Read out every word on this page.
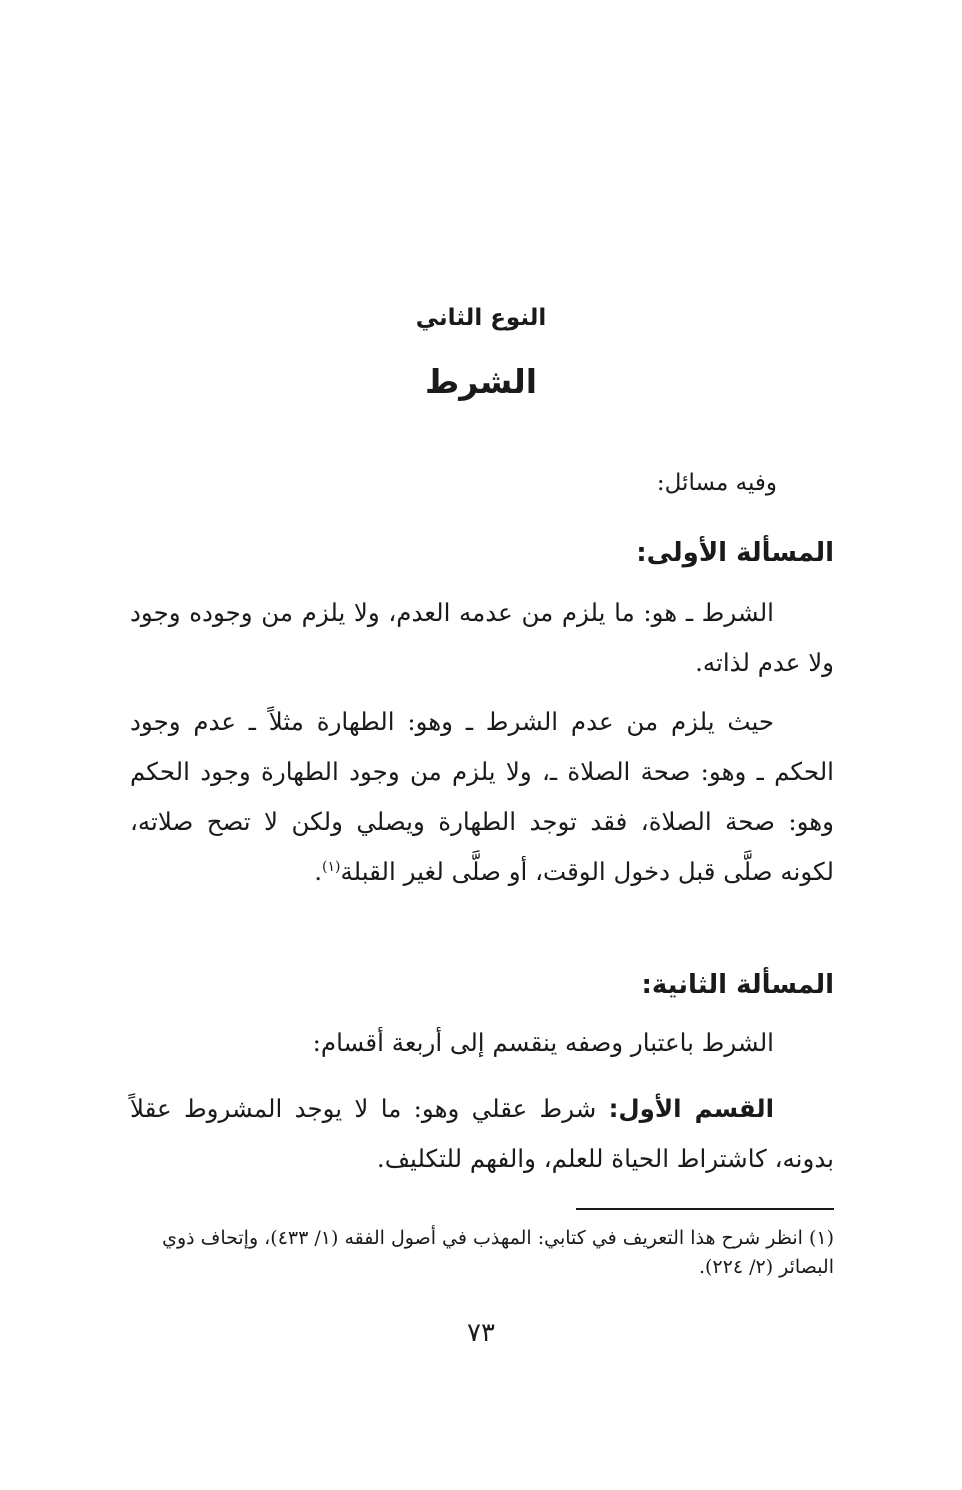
النوع الثاني
الشرط
وفيه مسائل:
المسألة الأولى:

الشرط ـ هو: ما يلزم من عدمه العدم، ولا يلزم من وجوده وجود ولا عدم لذاته.

حيث يلزم من عدم الشرط ـ وهو: الطهارة مثلاً ـ عدم وجود الحكم ـ وهو: صحة الصلاة ـ، ولا يلزم من وجود الطهارة وجود الحكم وهو: صحة الصلاة، فقد توجد الطهارة ويصلي ولكن لا تصح صلاته، لكونه صلَّى قبل دخول الوقت، أو صلَّى لغير القبلة$^{(١)}$.

المسألة الثانية:

الشرط باعتبار وصفه ينقسم إلى أربعة أقسام:

القسم الأول: شرط عقلي وهو: ما لا يوجد المشروط عقلاً بدونه، كاشتراط الحياة للعلم، والفهم للتكليف.

(١) انظر شرح هذا التعريف في كتابي: المهذب في أصول الفقه (١/ ٤٣٣)، وإتحاف ذوي البصائر (٢/ ٢٢٤).
٧٣
